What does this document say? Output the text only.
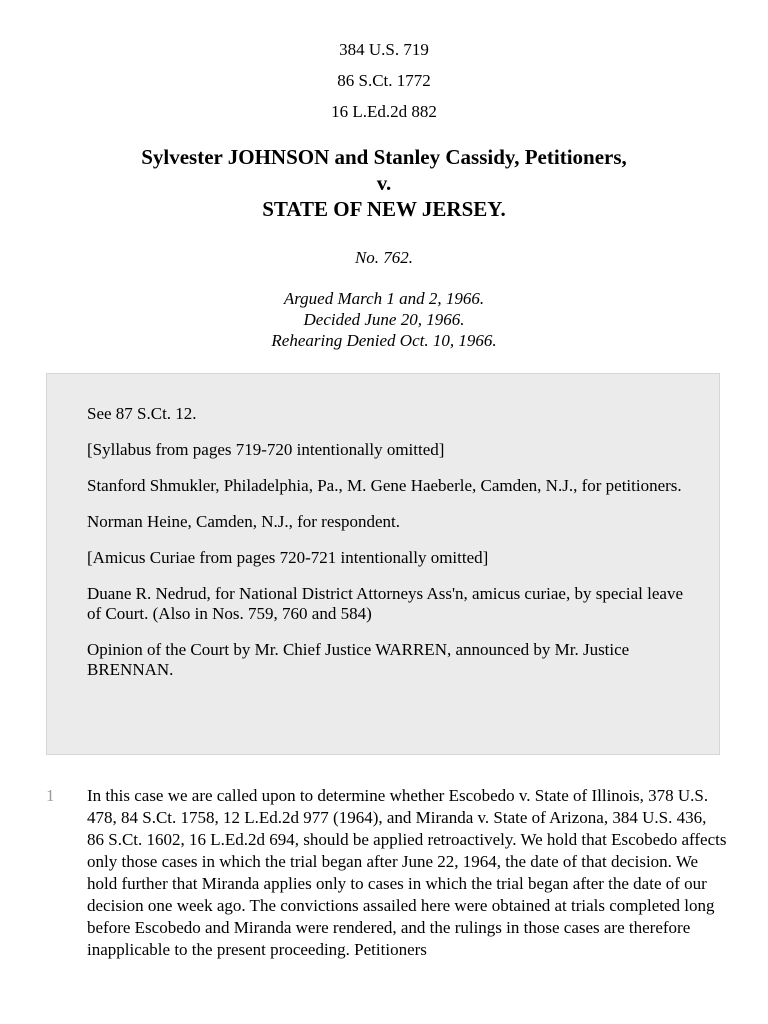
384 U.S. 719
86 S.Ct. 1772
16 L.Ed.2d 882
Sylvester JOHNSON and Stanley Cassidy, Petitioners,
v.
STATE OF NEW JERSEY.
No. 762.
Argued March 1 and 2, 1966.
Decided June 20, 1966.
Rehearing Denied Oct. 10, 1966.

See 87 S.Ct. 12.

[Syllabus from pages 719-720 intentionally omitted]

Stanford Shmukler, Philadelphia, Pa., M. Gene Haeberle, Camden, N.J., for petitioners.

Norman Heine, Camden, N.J., for respondent.

[Amicus Curiae from pages 720-721 intentionally omitted]

Duane R. Nedrud, for National District Attorneys Ass'n, amicus curiae, by special leave of Court. (Also in Nos. 759, 760 and 584)

Opinion of the Court by Mr. Chief Justice WARREN, announced by Mr. Justice BRENNAN.

1 In this case we are called upon to determine whether Escobedo v. State of Illinois, 378 U.S. 478, 84 S.Ct. 1758, 12 L.Ed.2d 977 (1964), and Miranda v. State of Arizona, 384 U.S. 436, 86 S.Ct. 1602, 16 L.Ed.2d 694, should be applied retroactively. We hold that Escobedo affects only those cases in which the trial began after June 22, 1964, the date of that decision. We hold further that Miranda applies only to cases in which the trial began after the date of our decision one week ago. The convictions assailed here were obtained at trials completed long before Escobedo and Miranda were rendered, and the rulings in those cases are therefore inapplicable to the present proceeding. Petitioners
